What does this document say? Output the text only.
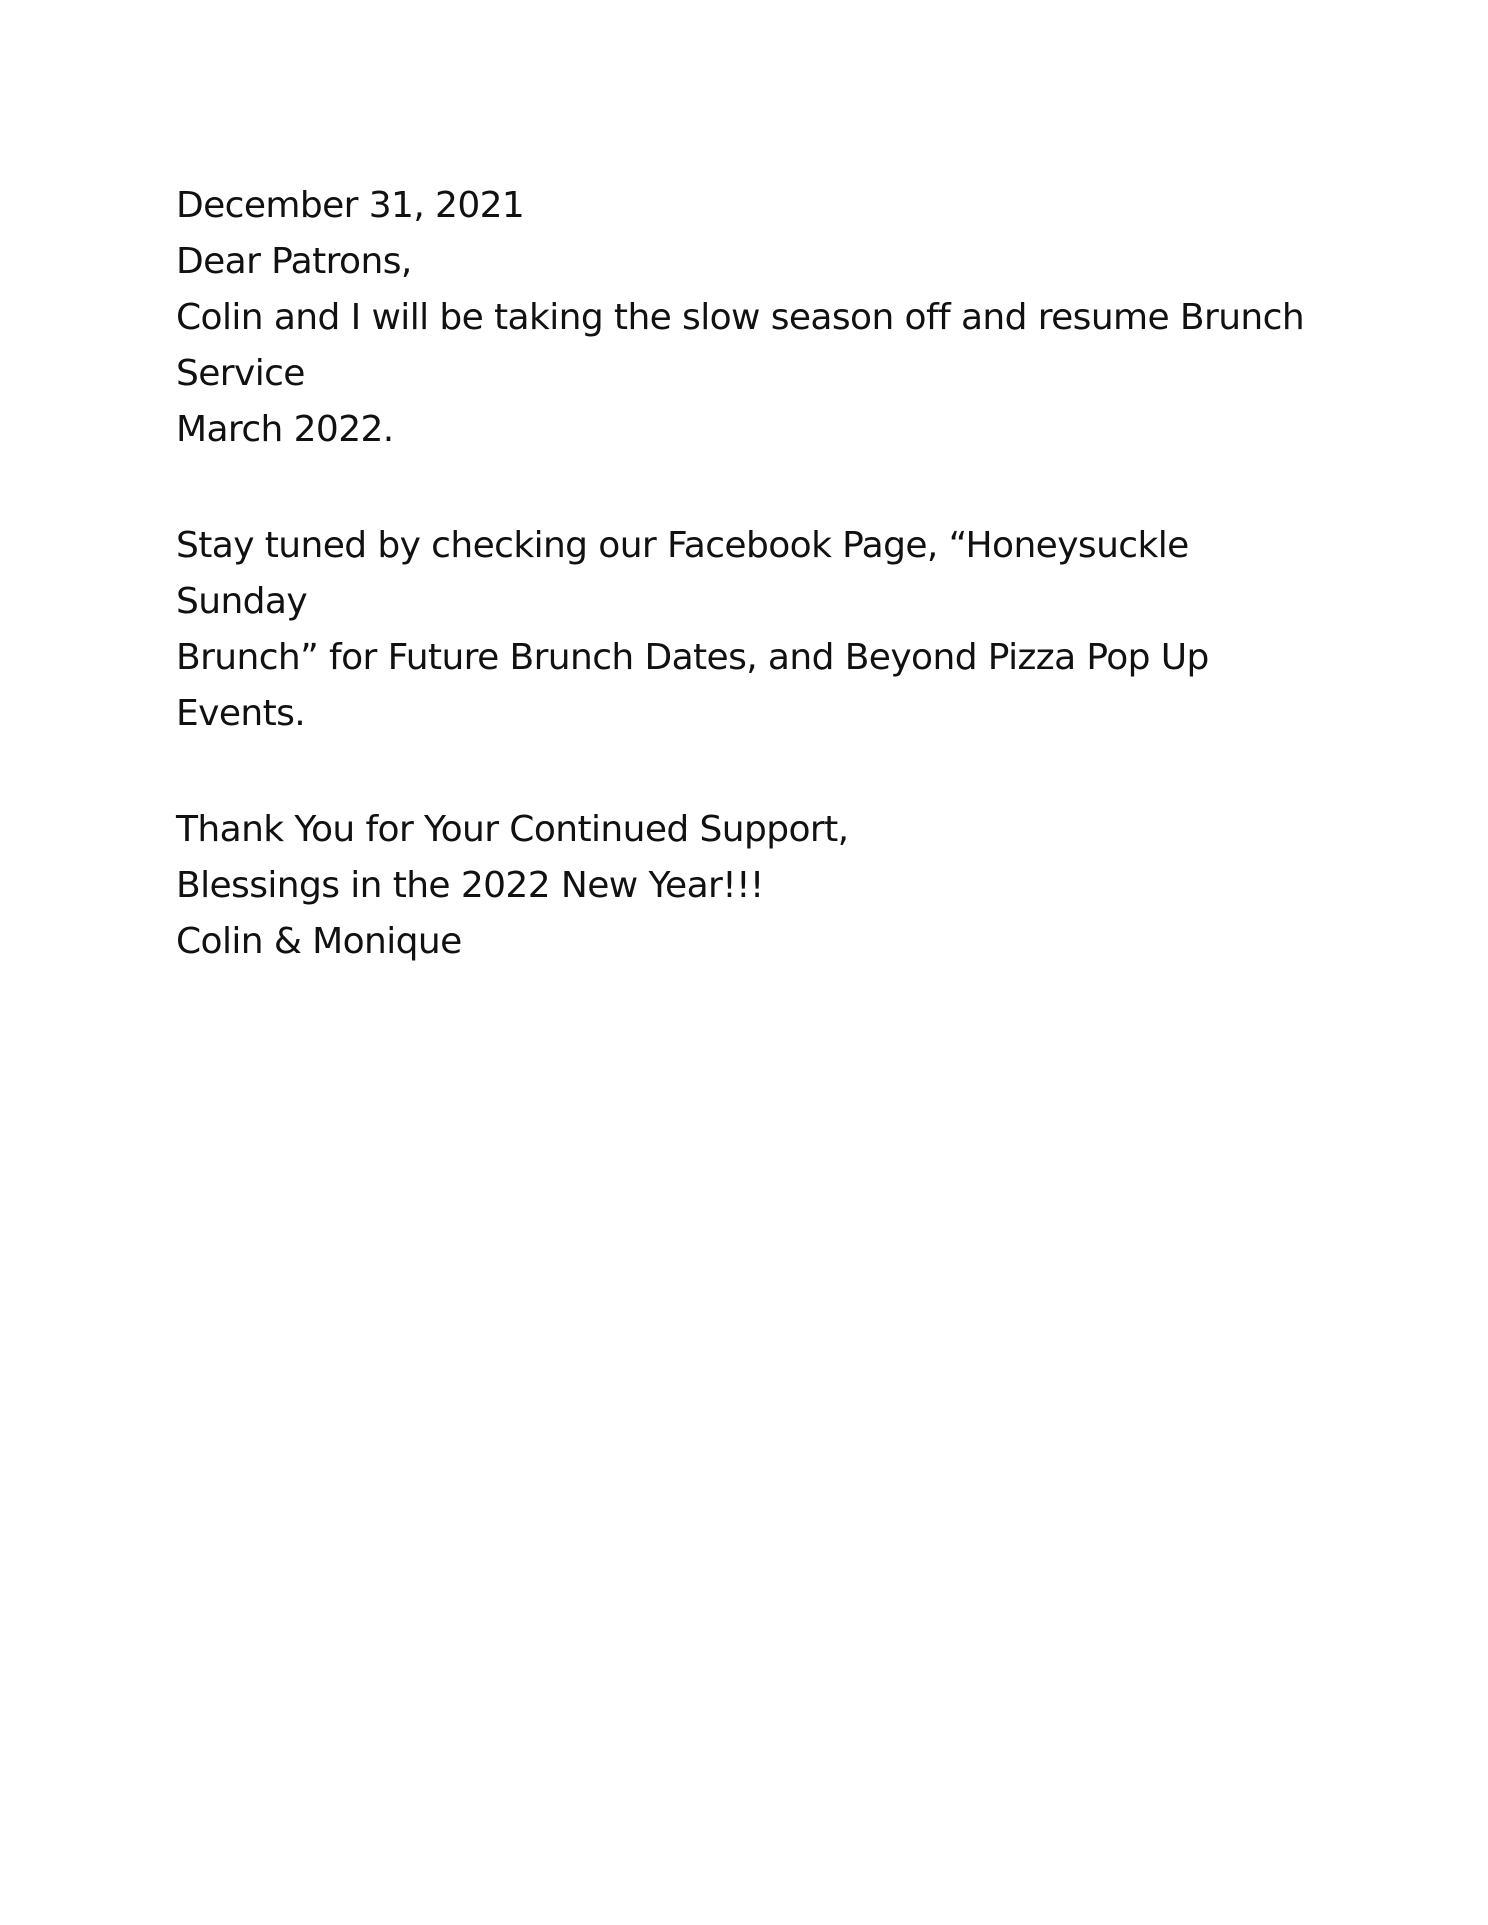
December 31, 2021

Dear Patrons,

Colin and I will be taking the slow season off and resume Brunch Service

March 2022.

Stay tuned by checking our Facebook Page, “Honeysuckle Sunday

Brunch” for Future Brunch Dates, and Beyond Pizza Pop Up Events.

Thank You for Your Continued Support,

Blessings in the 2022 New Year!!!

Colin & Monique
